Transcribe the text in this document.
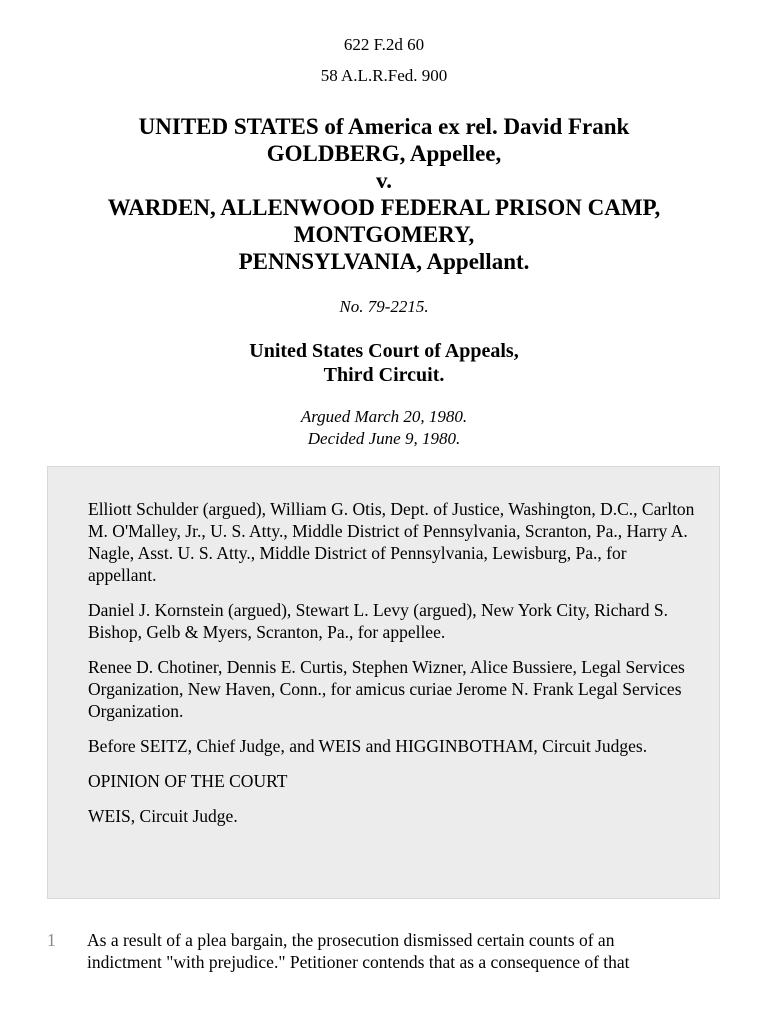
622 F.2d 60
58 A.L.R.Fed. 900
UNITED STATES of America ex rel. David Frank
GOLDBERG, Appellee,
v.
WARDEN, ALLENWOOD FEDERAL PRISON CAMP,
MONTGOMERY,
PENNSYLVANIA, Appellant.
No. 79-2215.
United States Court of Appeals,
Third Circuit.
Argued March 20, 1980.
Decided June 9, 1980.

Elliott Schulder (argued), William G. Otis, Dept. of Justice, Washington, D.C., Carlton M. O'Malley, Jr., U. S. Atty., Middle District of Pennsylvania, Scranton, Pa., Harry A. Nagle, Asst. U. S. Atty., Middle District of Pennsylvania, Lewisburg, Pa., for appellant.

Daniel J. Kornstein (argued), Stewart L. Levy (argued), New York City, Richard S. Bishop, Gelb & Myers, Scranton, Pa., for appellee.

Renee D. Chotiner, Dennis E. Curtis, Stephen Wizner, Alice Bussiere, Legal Services Organization, New Haven, Conn., for amicus curiae Jerome N. Frank Legal Services Organization.

Before SEITZ, Chief Judge, and WEIS and HIGGINBOTHAM, Circuit Judges.

OPINION OF THE COURT

WEIS, Circuit Judge.

1 As a result of a plea bargain, the prosecution dismissed certain counts of an
indictment "with prejudice." Petitioner contends that as a consequence of that
